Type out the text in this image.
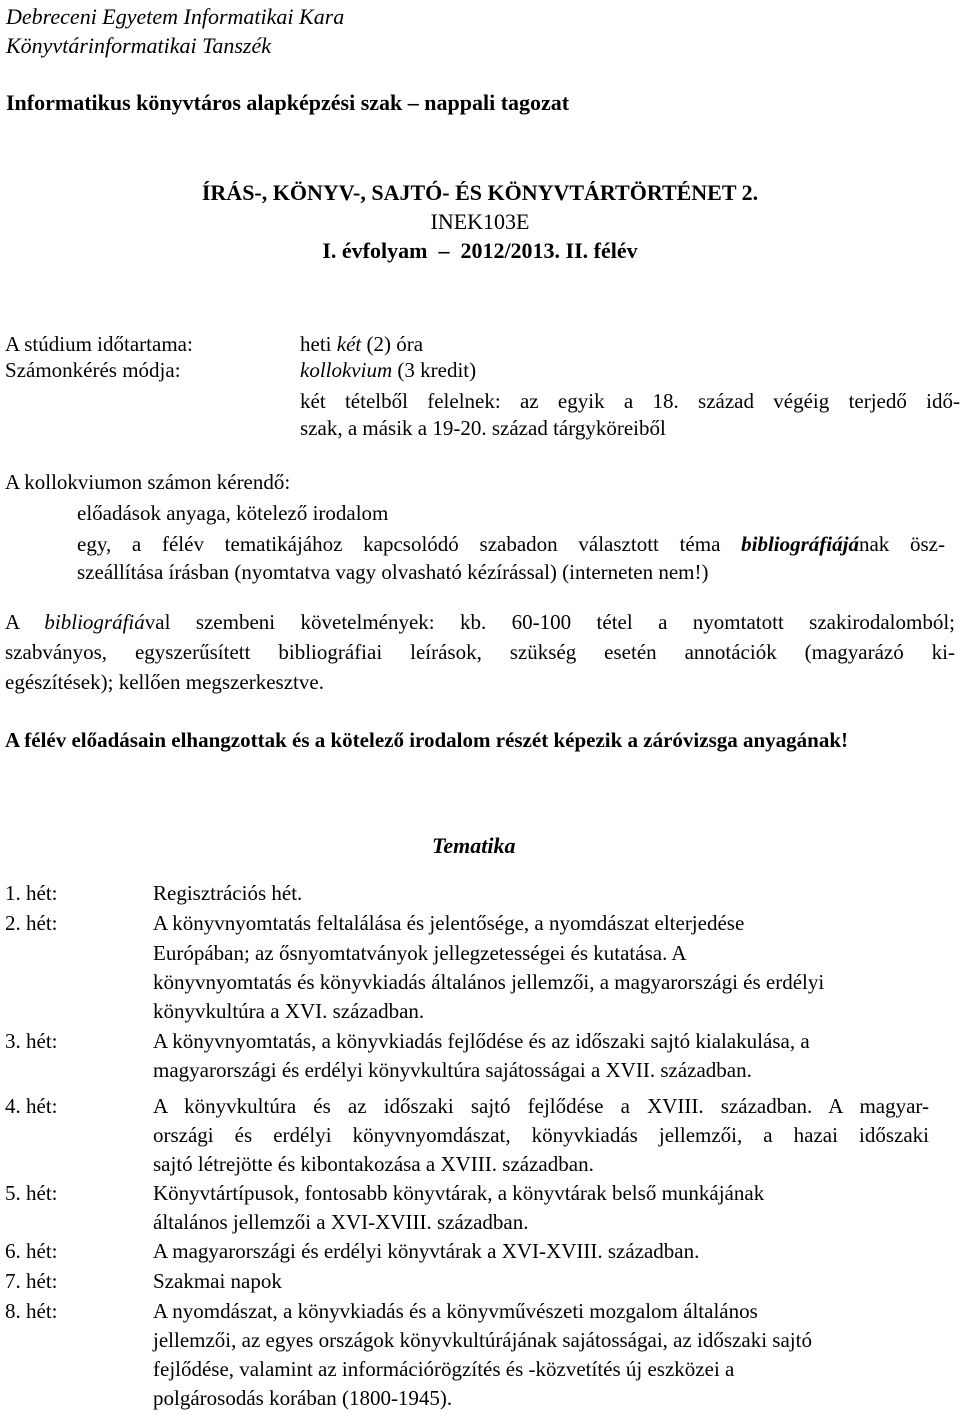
Debreceni Egyetem Informatikai Kara
Könyvtárinformatikai Tanszék
Informatikus könyvtáros alapképzési szak – nappali tagozat
ÍRÁS-, KÖNYV-, SAJTÓ- ÉS KÖNYVTÁRTÖRTÉNET 2.
INEK103E
I. évfolyam – 2012/2013. II. félév
A stúdium időtartama:	heti két (2) óra
Számonkérés módja:	kollokvium (3 kredit)
két tételből felelnek: az egyik a 18. század végéig terjedő idő-
szak, a másik a 19-20. század tárgyköreiből
A kollokviumon számon kérendő:
előadások anyaga, kötelező irodalom
egy, a félév tematikájához kapcsolódó szabadon választott téma bibliográfiájának ösz-
szeállítása írásban (nyomtatva vagy olvasható kézírással) (interneten nem!)
A bibliográfiával szembeni követelmények: kb. 60-100 tétel a nyomtatott szakirodalomból;
szabványos, egyszerűsített bibliográfiai leírások, szükség esetén annotációk (magyarázó ki-
egészítések); kellően megszerkesztve.
A félév előadásain elhangzottak és a kötelező irodalom részét képezik a záróvizsga anyagának!
Tematika
1. hét:	Regisztrációs hét.
2. hét:	A könyvnyomtatás feltalálása és jelentősége, a nyomdászat elterjedése
Európában; az ősnyomtatványok jellegzetességei és kutatása. A
könyvnyomtatás és könyvkiadás általános jellemzői, a magyarországi és erdélyi
könyvkultúra a XVI. században.
3. hét:	A könyvnyomtatás, a könyvkiadás fejlődése és az időszaki sajtó kialakulása, a
magyarországi és erdélyi könyvkultúra sajátosságai a XVII. században.
4. hét:	A könyvkultúra és az időszaki sajtó fejlődése a XVIII. században. A magyar-
országi és erdélyi könyvnyomdászat, könyvkiadás jellemzői, a hazai időszaki
sajtó létrejötte és kibontakozása a XVIII. században.
5. hét:	Könyvtártípusok, fontosabb könyvtárak, a könyvtárak belső munkájának
általános jellemzői a XVI-XVIII. században.
6. hét:	A magyarországi és erdélyi könyvtárak a XVI-XVIII. században.
7. hét:	Szakmai napok
8. hét:	A nyomdászat, a könyvkiadás és a könyvművészeti mozgalom általános
jellemzői, az egyes országok könyvkultúrájának sajátosságai, az időszaki sajtó
fejlődése, valamint az információrögzítés és -közvetítés új eszközei a
polgárosodás korában (1800-1945).
